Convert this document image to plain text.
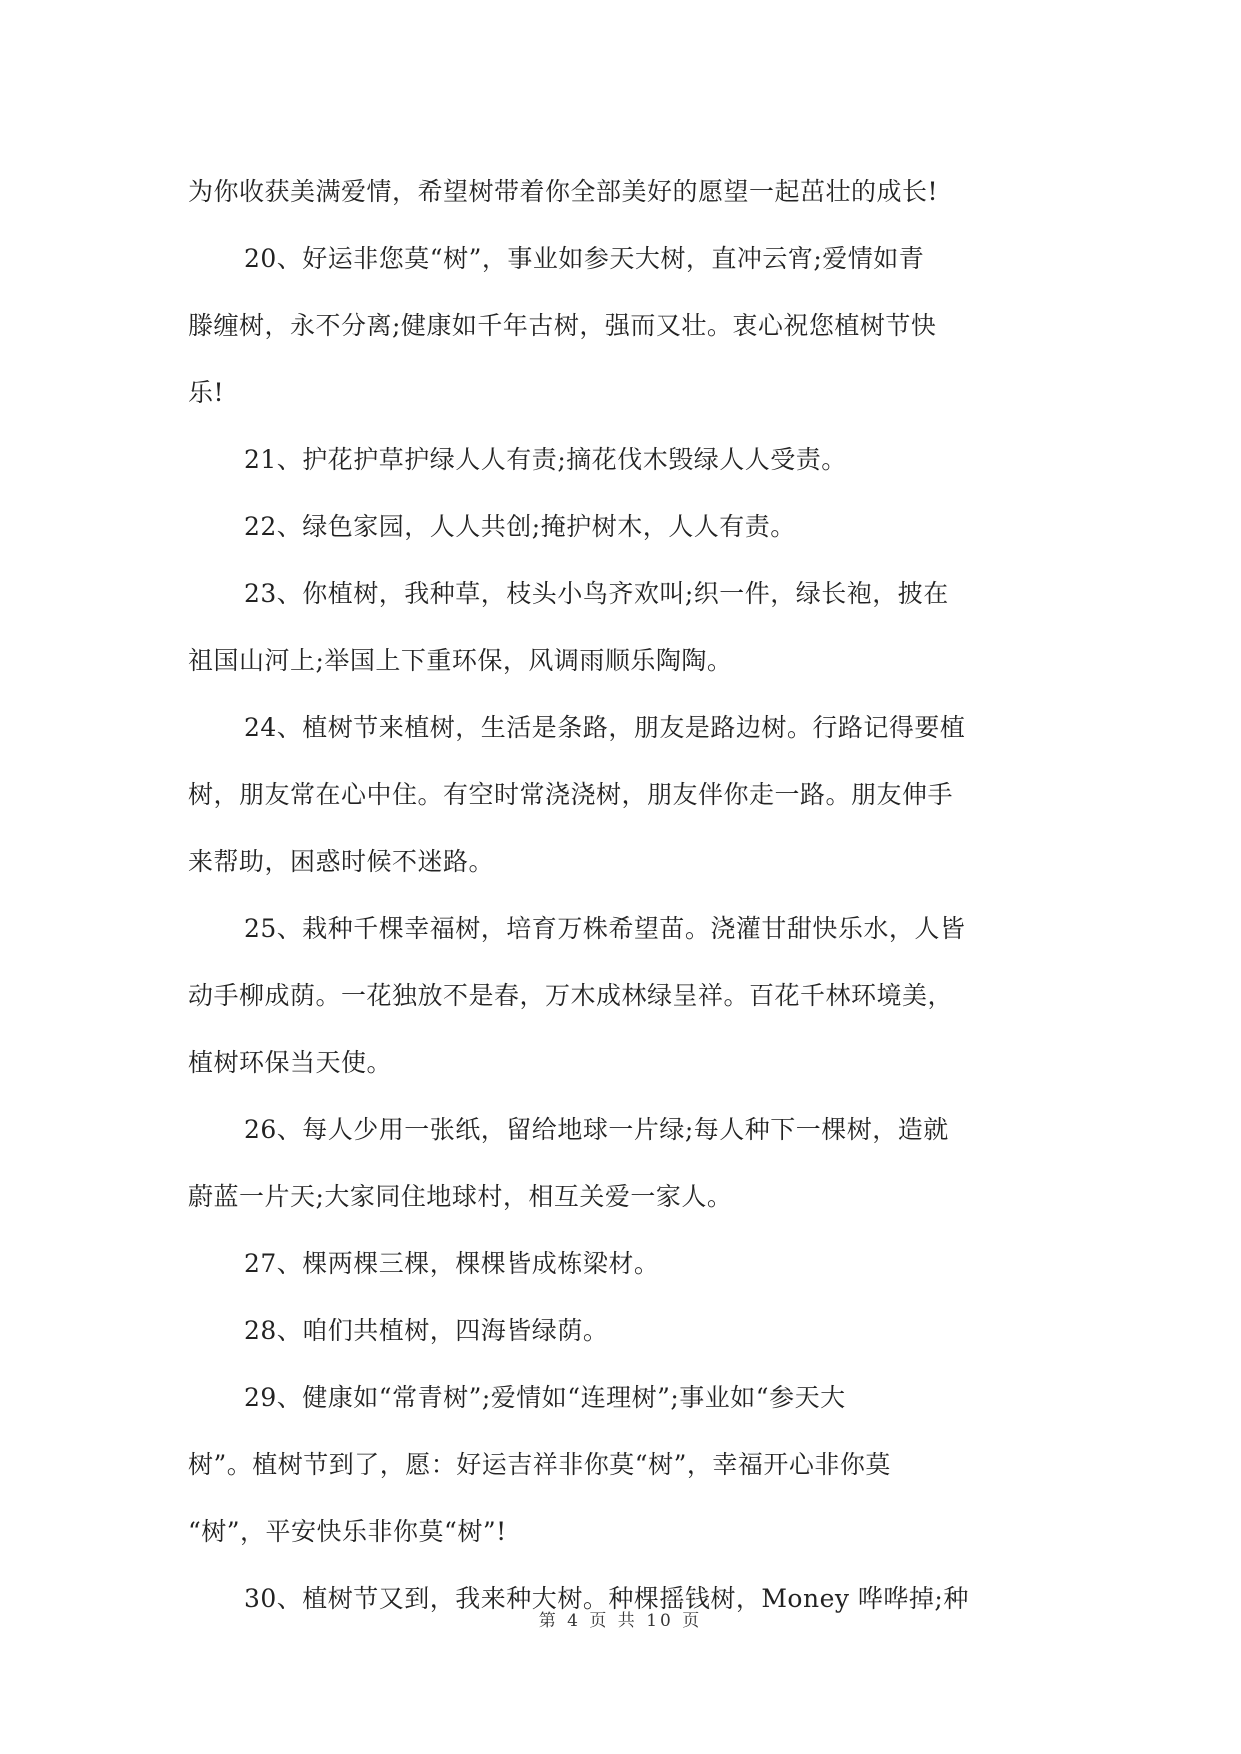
为你收获美满爱情，希望树带着你全部美好的愿望一起茁壮的成长!
20、好运非您莫“树”，事业如参天大树，直冲云宵;爱情如青
滕缠树，永不分离;健康如千年古树，强而又壮。衷心祝您植树节快
乐!
21、护花护草护绿人人有责;摘花伐木毁绿人人受责。
22、绿色家园，人人共创;掩护树木，人人有责。
23、你植树，我种草，枝头小鸟齐欢叫;织一件，绿长袍，披在
祖国山河上;举国上下重环保，风调雨顺乐陶陶。
24、植树节来植树，生活是条路，朋友是路边树。行路记得要植
树，朋友常在心中住。有空时常浇浇树，朋友伴你走一路。朋友伸手
来帮助，困惑时候不迷路。
25、栽种千棵幸福树，培育万株希望苗。浇灌甘甜快乐水，人皆
动手柳成荫。一花独放不是春，万木成林绿呈祥。百花千林环境美，
植树环保当天使。
26、每人少用一张纸，留给地球一片绿;每人种下一棵树，造就
蔚蓝一片天;大家同住地球村，相互关爱一家人。
27、棵两棵三棵，棵棵皆成栋梁材。
28、咱们共植树，四海皆绿荫。
29、健康如“常青树”;爱情如“连理树”;事业如“参天大
树”。植树节到了，愿：好运吉祥非你莫“树”，幸福开心非你莫
“树”，平安快乐非你莫“树”!
30、植树节又到，我来种大树。种棵摇钱树，Money 哗哗掉;种
第 4 页 共 10 页
